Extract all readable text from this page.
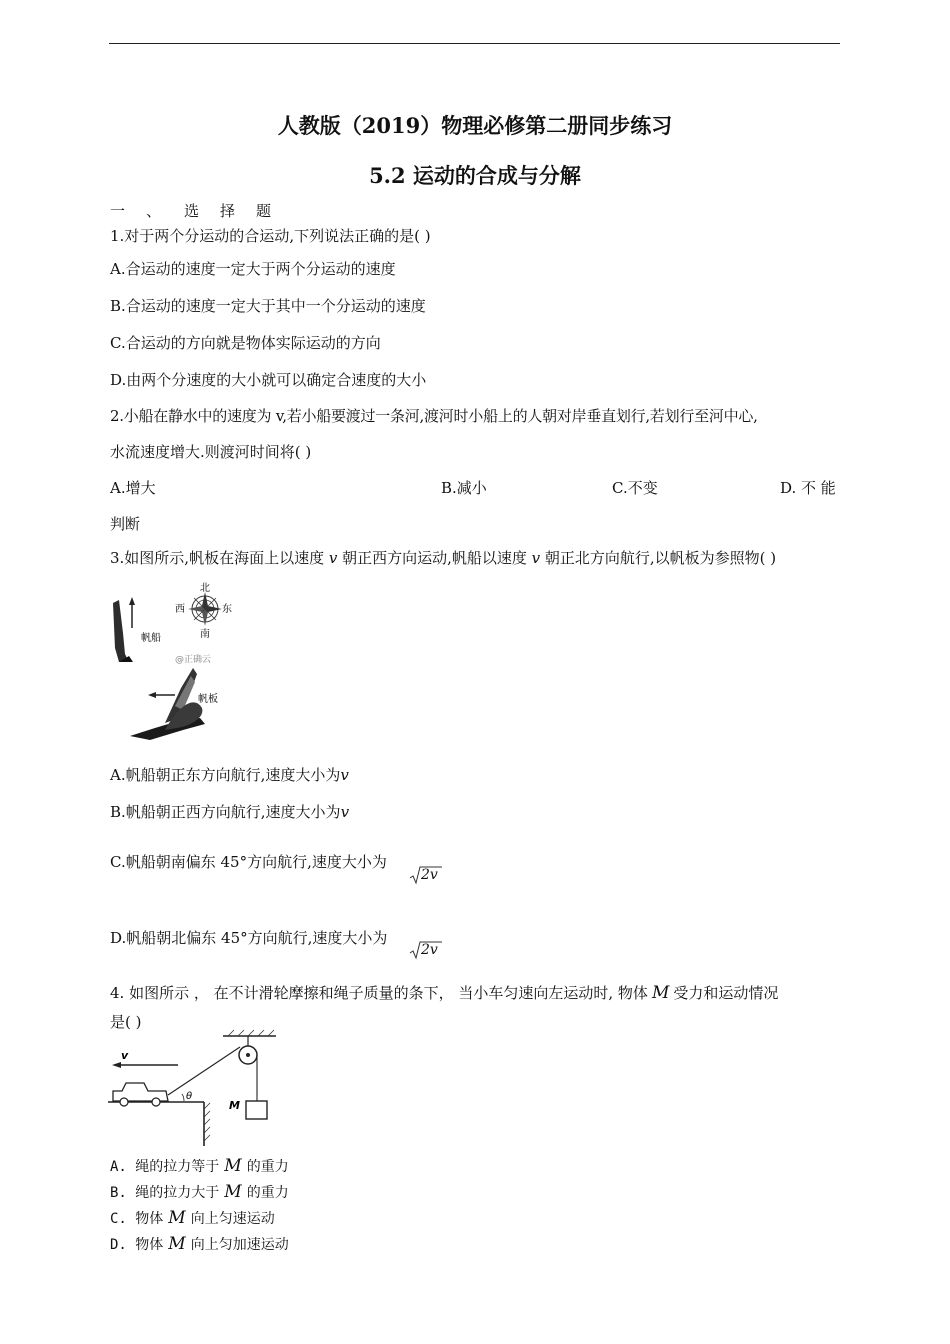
人教版（2019）物理必修第二册同步练习
5.2 运动的合成与分解
一 、 选 择 题
1.对于两个分运动的合运动,下列说法正确的是( )
A.合运动的速度一定大于两个分运动的速度
B.合运动的速度一定大于其中一个分运动的速度
C.合运动的方向就是物体实际运动的方向
D.由两个分速度的大小就可以确定合速度的大小
2.小船在静水中的速度为 v,若小船要渡过一条河,渡河时小船上的人朝对岸垂直划行,若划行至河中心,
水流速度增大.则渡河时间将( )
A.增大	B.减小	C.不变	D. 不 能
判断
3.如图所示,帆板在海面上以速度 v 朝正西方向运动,帆船以速度 v 朝正北方向航行,以帆板为参照物( )
北
南
西	东
帆船
@正确云
帆板
A.帆船朝正东方向航行,速度大小为v
B.帆船朝正西方向航行,速度大小为v
C.帆船朝南偏东 45°方向航行,速度大小为
2v
D.帆船朝北偏东 45°方向航行,速度大小为
2v
4. 如图所示 ， 在不计滑轮摩擦和绳子质量的条下， 当小车匀速向左运动时, 物体 M 受力和运动情况
是( )
v
θ
M
A. 绳的拉力等于 M 的重力
B. 绳的拉力大于 M 的重力
C. 物体 M 向上匀速运动
D. 物体 M 向上匀加速运动
